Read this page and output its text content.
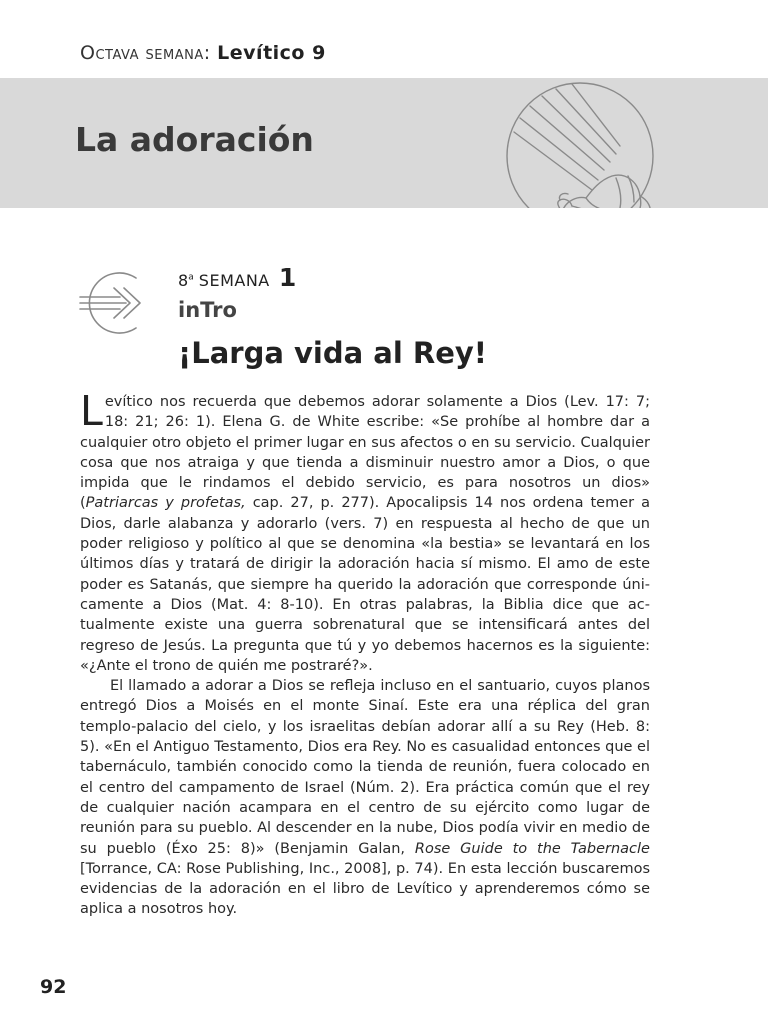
Octava semana: Levítico 9
La adoración
8$^a$ SEMANA 1
inTro
¡Larga vida al Rey!

Levítico nos recuerda que debemos adorar solamente a Dios (Lev. 17: 7; 18: 21; 26: 1). Elena G. de White escribe: «Se prohíbe al hombre dar a cualquier otro objeto el primer lugar en sus afectos o en su servicio. Cualquier cosa que nos atraiga y que tienda a disminuir nuestro amor a Dios, o que impida que le rindamos el debido servicio, es para nosotros un dios» (Patriarcas y profetas, cap. 27, p. 277). Apocalipsis 14 nos ordena temer a Dios, darle alabanza y adorarlo (vers. 7) en respuesta al hecho de que un poder religioso y político al que se denomina «la bestia» se levantará en los últimos días y tratará de dirigir la adoración hacia sí mismo. El amo de este poder es Satanás, que siempre ha querido la adoración que corresponde únicamente a Dios (Mat. 4: 8-10). En otras palabras, la Biblia dice que actualmente existe una guerra sobrenatural que se intensificará antes del regreso de Jesús. La pregunta que tú y yo debemos hacernos es la siguiente: «¿Ante el trono de quién me postraré?».

El llamado a adorar a Dios se refleja incluso en el santuario, cuyos planos entregó Dios a Moisés en el monte Sinaí. Este era una réplica del gran templo-palacio del cielo, y los israelitas debían adorar allí a su Rey (Heb. 8: 5). «En el Antiguo Testamento, Dios era Rey. No es casualidad entonces que el tabernáculo, también conocido como la tienda de reunión, fuera colocado en el centro del campamento de Israel (Núm. 2). Era práctica común que el rey de cualquier nación acampara en el centro de su ejército como lugar de reunión para su pueblo. Al descender en la nube, Dios podía vivir en medio de su pueblo (Éxo 25: 8)» (Benjamin Galan, Rose Guide to the Tabernacle [Torrance, CA: Rose Publishing, Inc., 2008], p. 74). En esta lección buscaremos evidencias de la adoración en el libro de Levítico y aprenderemos cómo se aplica a nosotros hoy.

92
